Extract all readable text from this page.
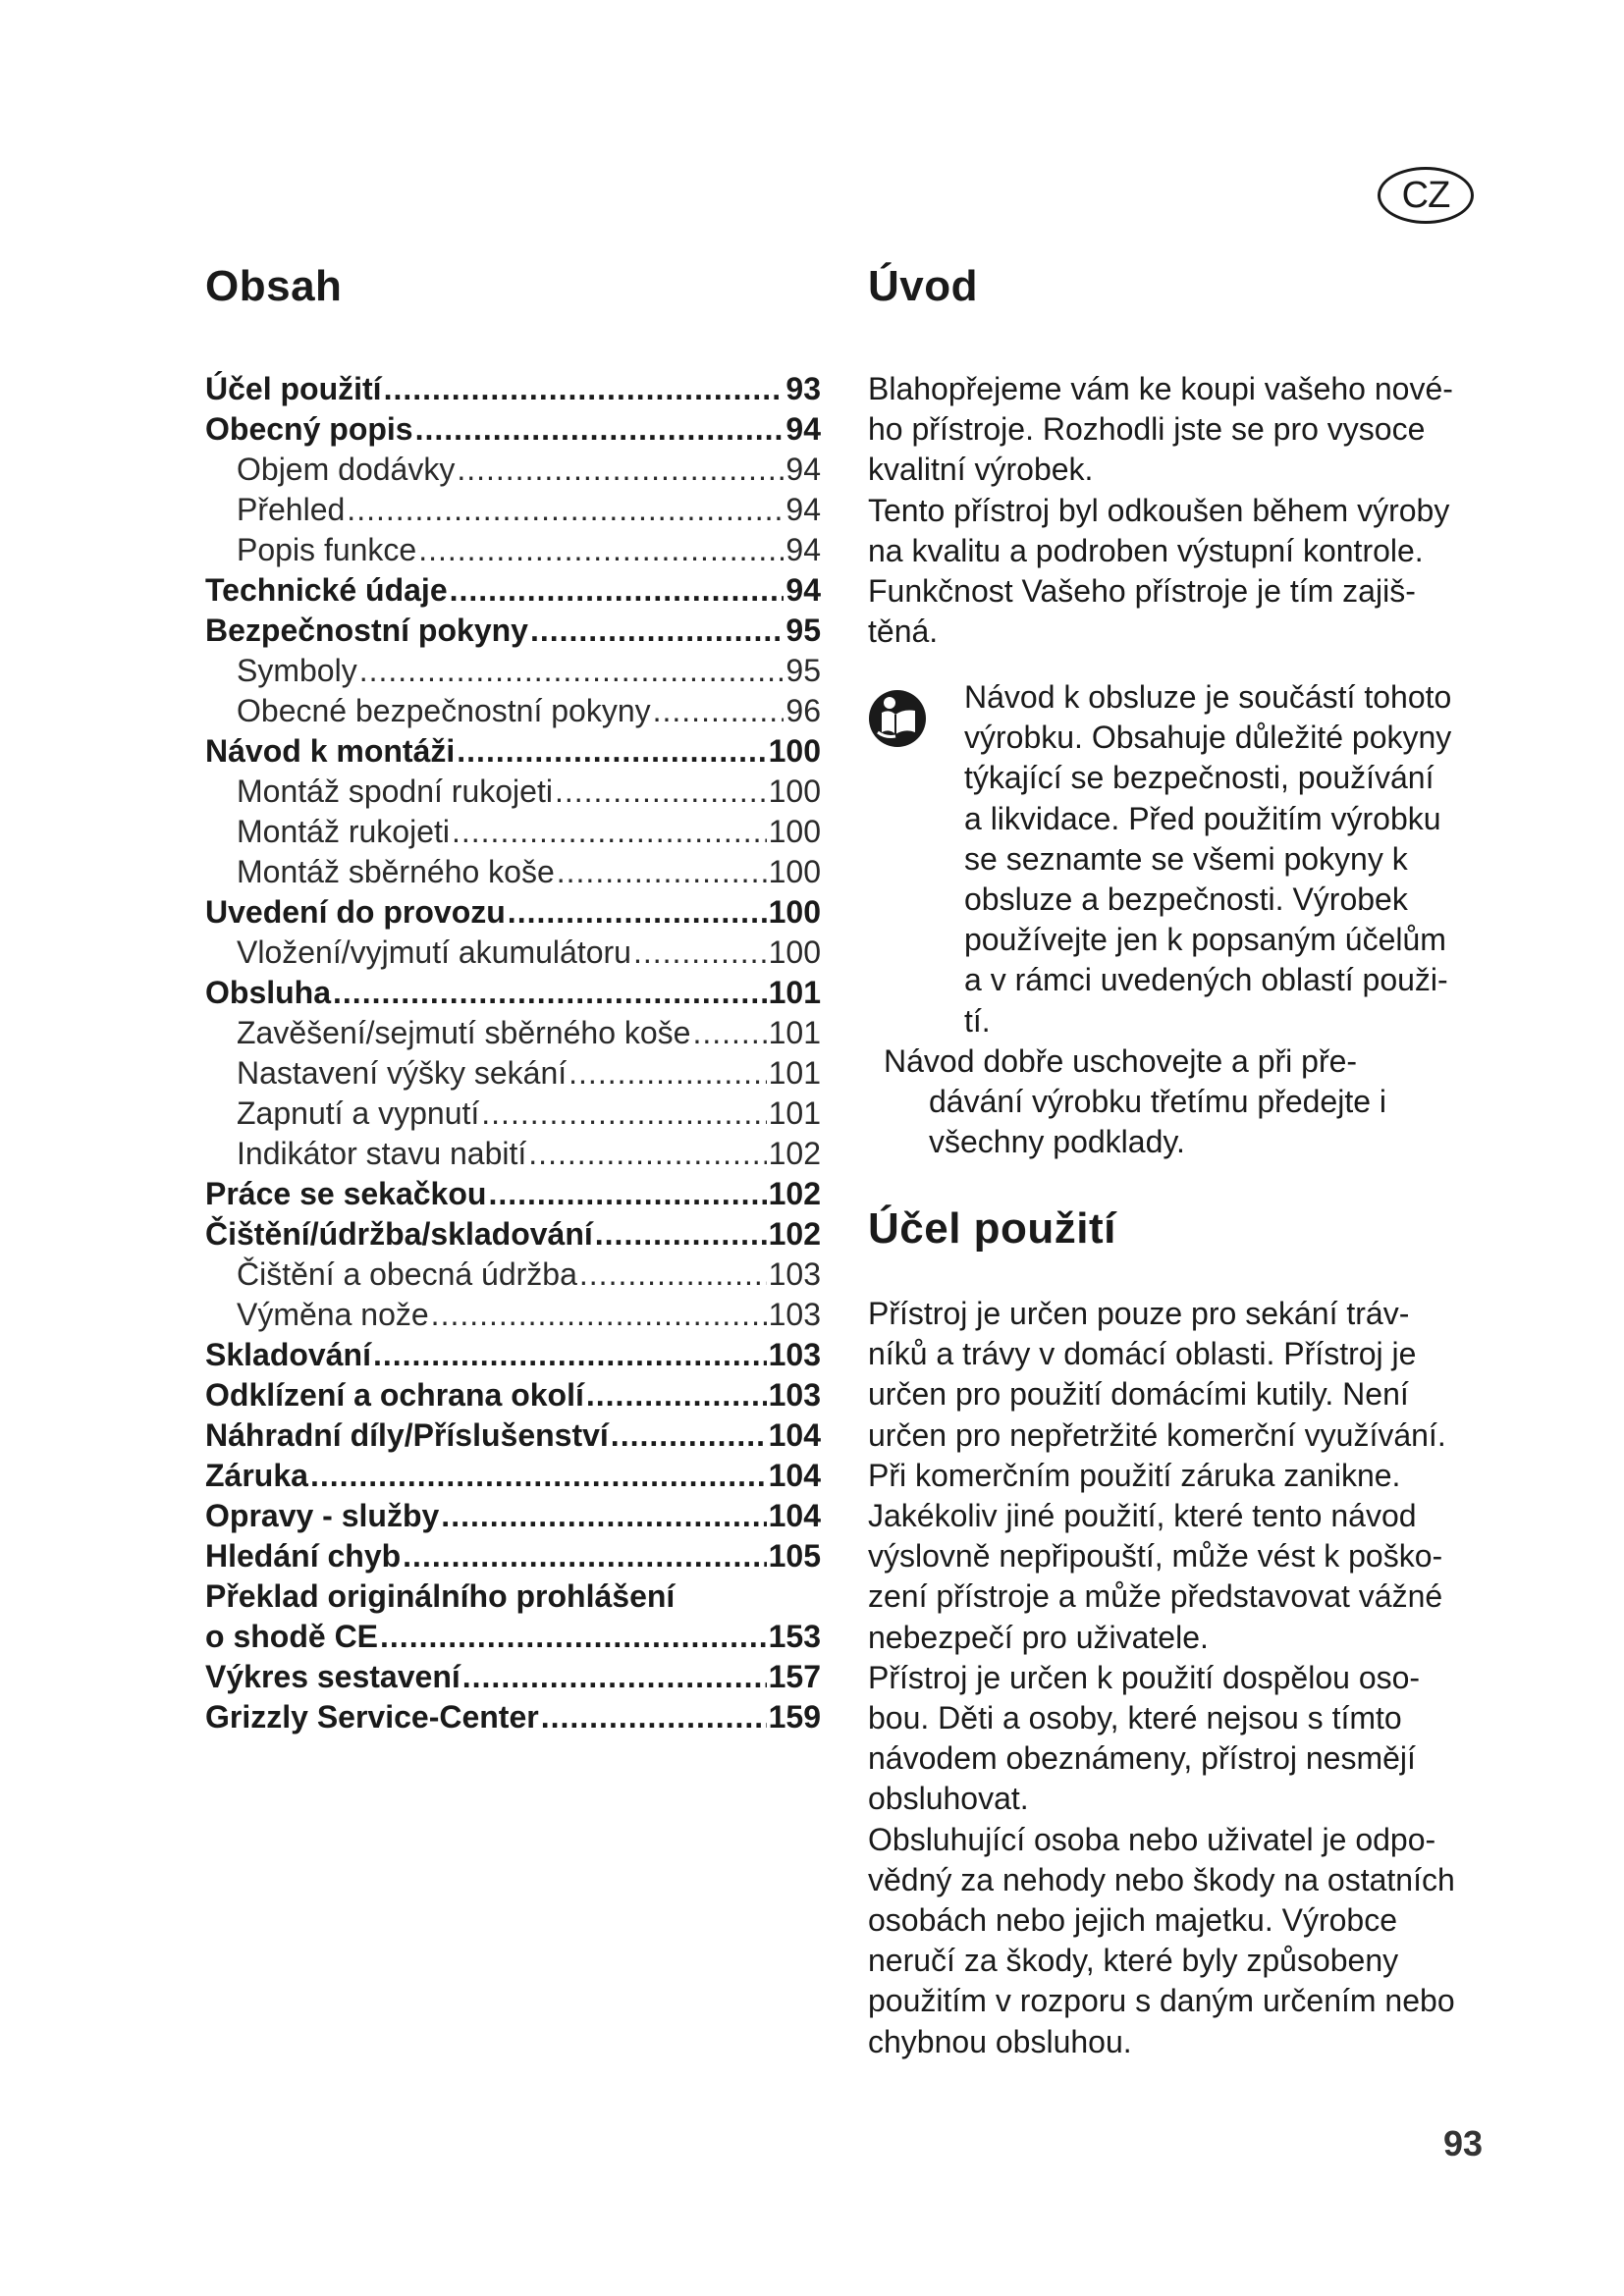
CZ
Obsah
Účel použití .....	93
Obecný popis .....	94
Objem dodávky .....	94
Přehled .....	94
Popis funkce .....	94
Technické údaje .....	94
Bezpečnostní pokyny .....	95
Symboly .....	95
Obecné bezpečnostní pokyny .....	96
Návod k montáži .....	100
Montáž spodní rukojeti .....	100
Montáž rukojeti .....	100
Montáž sběrného koše .....	100
Uvedení do provozu .....	100
Vložení/vyjmutí akumulátoru .....	100
Obsluha .....	101
Zavěšení/sejmutí sběrného koše ..... 101
Nastavení výšky sekání .....	101
Zapnutí a vypnutí .....	101
Indikátor stavu nabití .....	102
Práce se sekačkou .....	102
Čištění/údržba/skladování .....	102
Čištění a obecná údržba .....	103
Výměna nože .....	103
Skladování .....	103
Odklízení a ochrana okolí .....	103
Náhradní díly/Příslušenství .....	104
Záruka .....	104
Opravy - služby .....	104
Hledání chyb .....	105
Překlad originálního prohlášení
o shodě CE .....	153
Výkres sestavení .....	157
Grizzly Service-Center .....	159
Úvod
Blahopřejeme vám ke koupi vašeho nové-
ho přístroje. Rozhodli jste se pro vysoce
kvalitní výrobek.
Tento přístroj byl odkoušen během výroby
na kvalitu a podroben výstupní kontrole.
Funkčnost Vašeho přístroje je tím zajiš-
těná.
Návod k obsluze je součástí tohoto
výrobku. Obsahuje důležité pokyny
týkající se bezpečnosti, používání
a likvidace. Před použitím výrobku
se seznamte se všemi pokyny k
obsluze a bezpečnosti. Výrobek
používejte jen k popsaným účelům
a v rámci uvedených oblastí použi-
tí.
Návod dobře uschovejte a při pře-
dávání výrobku třetímu předejte i
všechny podklady.
Účel použití
Přístroj je určen pouze pro sekání tráv-
níků a trávy v domácí oblasti. Přístroj je
určen pro použití domácími kutily. Není
určen pro nepřetržité komerční využívání.
Při komerčním použití záruka zanikne.
Jakékoliv jiné použití, které tento návod
výslovně nepřipouští, může vést k poško-
zení přístroje a může představovat vážné
nebezpečí pro uživatele.
Přístroj je určen k použití dospělou oso-
bou. Děti a osoby, které nejsou s tímto
návodem obeznámeny, přístroj nesmějí
obsluhovat.
Obsluhující osoba nebo uživatel je odpo-
vědný za nehody nebo škody na ostatních
osobách nebo jejich majetku. Výrobce
neručí za škody, které byly způsobeny
použitím v rozporu s daným určením nebo
chybnou obsluhou.
93
